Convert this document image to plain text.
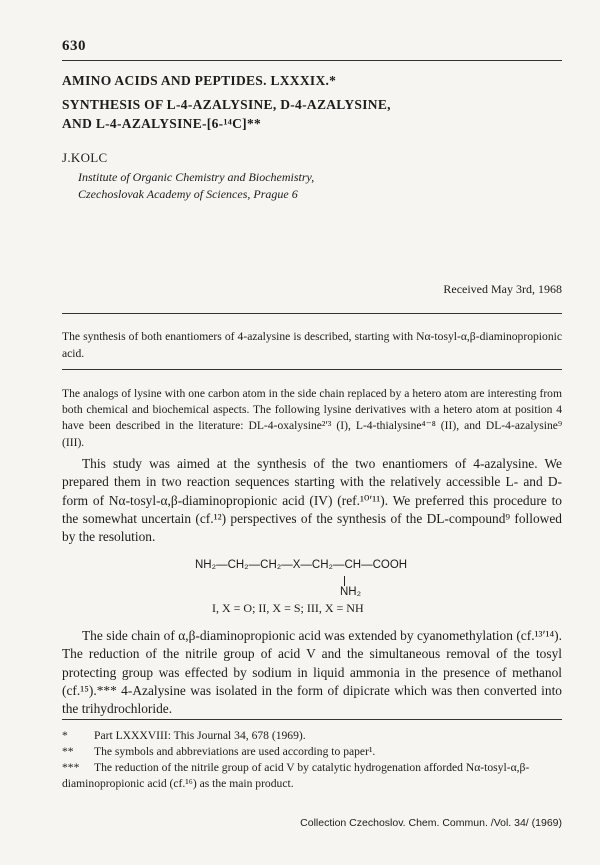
630
AMINO ACIDS AND PEPTIDES. LXXXIX.*
SYNTHESIS OF L-4-AZALYSINE, D-4-AZALYSINE,
AND L-4-AZALYSINE-[6-¹⁴C]**
J.KOLC
Institute of Organic Chemistry and Biochemistry,
Czechoslovak Academy of Sciences, Prague 6
Received May 3rd, 1968
The synthesis of both enantiomers of 4-azalysine is described, starting with Nα-tosyl-α,β-diaminopropionic acid.
The analogs of lysine with one carbon atom in the side chain replaced by a hetero atom are interesting from both chemical and biochemical aspects. The following lysine derivatives with a hetero atom at position 4 have been described in the literature: DL-4-oxalysine²ʹ³ (I), L-4-thialysine⁴⁻⁸ (II), and DL-4-azalysine⁹ (III).
This study was aimed at the synthesis of the two enantiomers of 4-azalysine. We prepared them in two reaction sequences starting with the relatively accessible L- and D-form of Nα-tosyl-α,β-diaminopropionic acid (IV) (ref.¹⁰ʹ¹¹). We preferred this procedure to the somewhat uncertain (cf.¹²) perspectives of the synthesis of the DL-compound⁹ followed by the resolution.
NH₂—CH₂—CH₂—X—CH₂—CH—COOH
NH₂
I, X = O; II, X = S; III, X = NH
The side chain of α,β-diaminopropionic acid was extended by cyanomethylation (cf.¹³ʹ¹⁴). The reduction of the nitrile group of acid V and the simultaneous removal of the tosyl protecting group was effected by sodium in liquid ammonia in the presence of methanol (cf.¹⁵).*** 4-Azalysine was isolated in the form of dipicrate which was then converted into the trihydrochloride.
* Part LXXXVIII: This Journal 34, 678 (1969).
** The symbols and abbreviations are used according to paper¹.
*** The reduction of the nitrile group of acid V by catalytic hydrogenation afforded Nα-tosyl-α,β-diaminopropionic acid (cf.¹⁶) as the main product.
Collection Czechoslov. Chem. Commun. /Vol. 34/ (1969)
